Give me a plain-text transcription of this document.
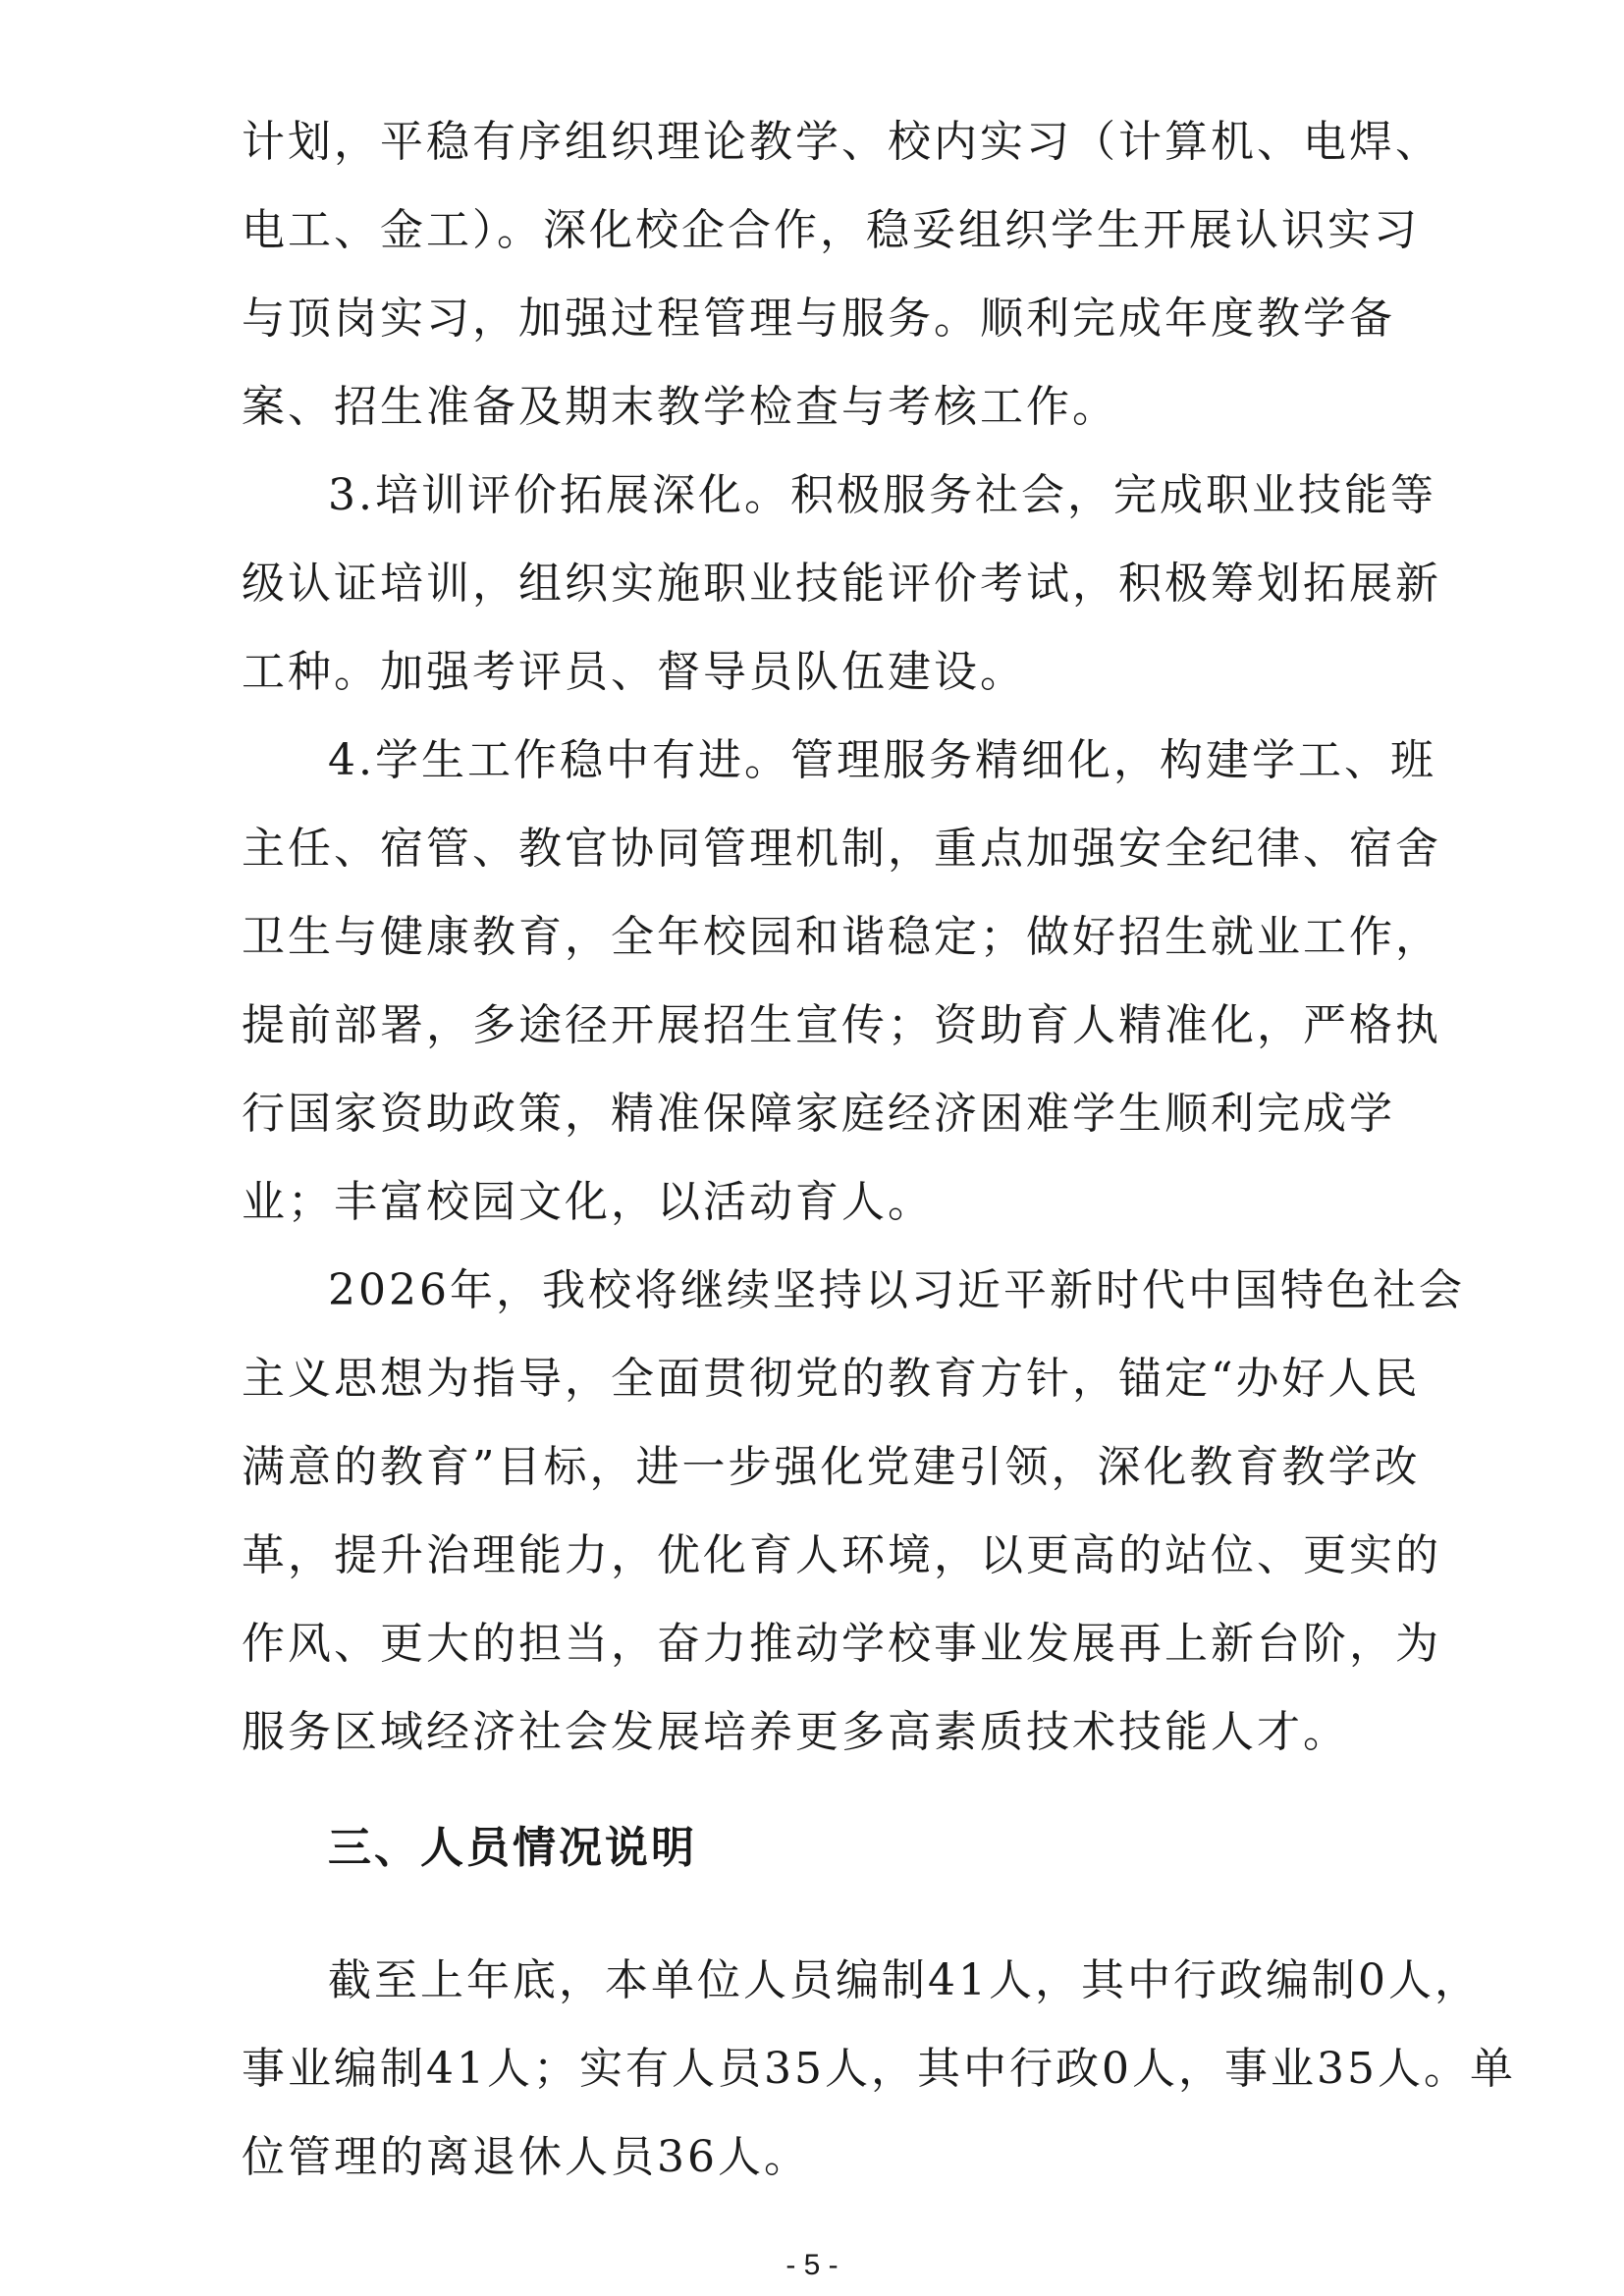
计划，平稳有序组织理论教学、校内实习（计算机、电焊、
电工、金工）。深化校企合作，稳妥组织学生开展认识实习
与顶岗实习，加强过程管理与服务。顺利完成年度教学备
案、招生准备及期末教学检查与考核工作。
3.培训评价拓展深化。积极服务社会，完成职业技能等
级认证培训，组织实施职业技能评价考试，积极筹划拓展新
工种。加强考评员、督导员队伍建设。
4.学生工作稳中有进。管理服务精细化，构建学工、班
主任、宿管、教官协同管理机制，重点加强安全纪律、宿舍
卫生与健康教育，全年校园和谐稳定；做好招生就业工作，
提前部署，多途径开展招生宣传；资助育人精准化，严格执
行国家资助政策，精准保障家庭经济困难学生顺利完成学
业；丰富校园文化，以活动育人。
2026年，我校将继续坚持以习近平新时代中国特色社会
主义思想为指导，全面贯彻党的教育方针，锚定“办好人民
满意的教育”目标，进一步强化党建引领，深化教育教学改
革，提升治理能力，优化育人环境，以更高的站位、更实的
作风、更大的担当，奋力推动学校事业发展再上新台阶，为
服务区域经济社会发展培养更多高素质技术技能人才。
三、人员情况说明
截至上年底，本单位人员编制41人，其中行政编制0人，
事业编制41人；实有人员35人，其中行政0人，事业35人。单
位管理的离退休人员36人。
- 5 -
